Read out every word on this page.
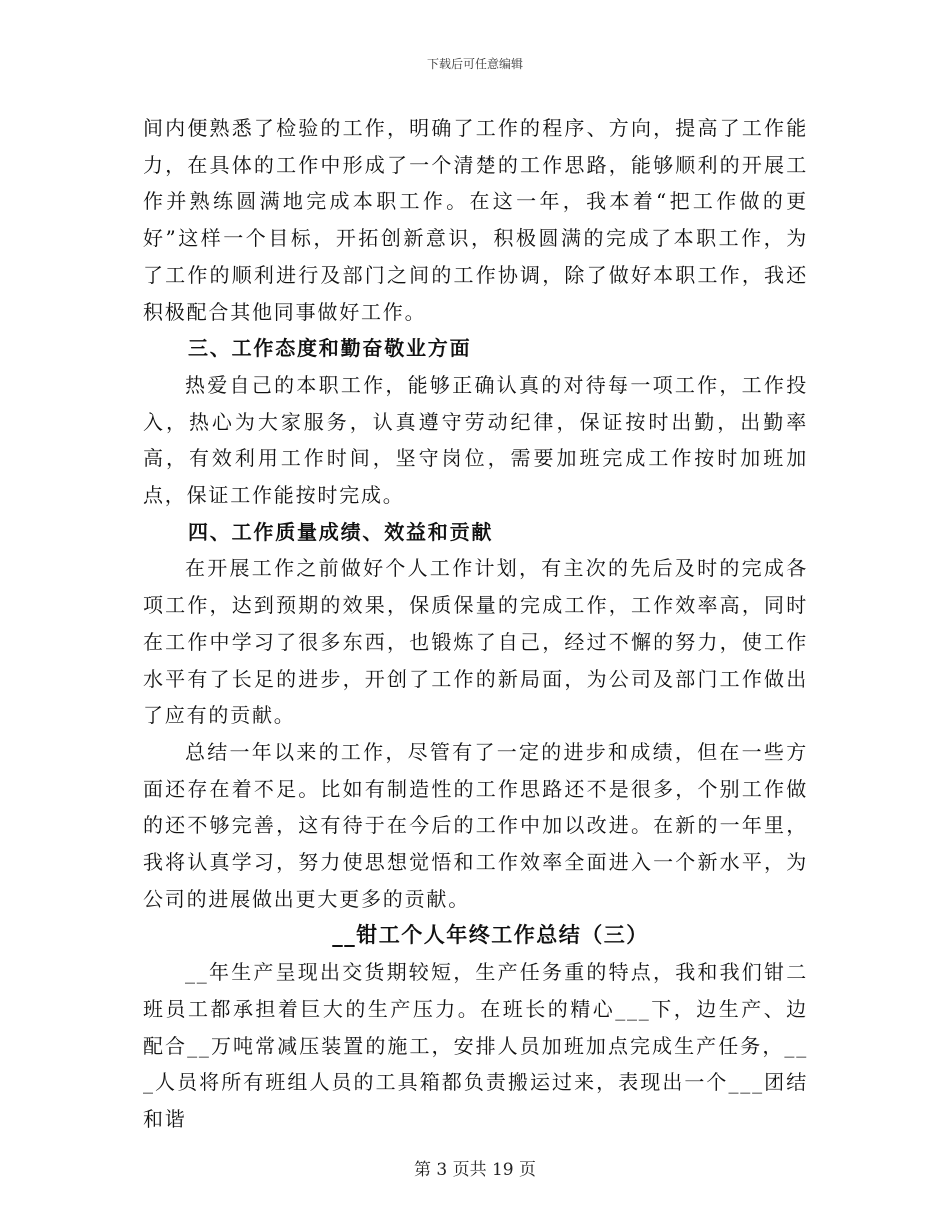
下载后可任意编辑

间内便熟悉了检验的工作，明确了工作的程序、方向，提高了工作能力，在具体的工作中形成了一个清楚的工作思路，能够顺利的开展工作并熟练圆满地完成本职工作。在这一年，我本着“把工作做的更好”这样一个目标，开拓创新意识，积极圆满的完成了本职工作，为了工作的顺利进行及部门之间的工作协调，除了做好本职工作，我还积极配合其他同事做好工作。

三、工作态度和勤奋敬业方面

热爱自己的本职工作，能够正确认真的对待每一项工作，工作投入，热心为大家服务，认真遵守劳动纪律，保证按时出勤，出勤率高，有效利用工作时间，坚守岗位，需要加班完成工作按时加班加点，保证工作能按时完成。

四、工作质量成绩、效益和贡献

在开展工作之前做好个人工作计划，有主次的先后及时的完成各项工作，达到预期的效果，保质保量的完成工作，工作效率高，同时在工作中学习了很多东西，也锻炼了自己，经过不懈的努力，使工作水平有了长足的进步，开创了工作的新局面，为公司及部门工作做出了应有的贡献。

总结一年以来的工作，尽管有了一定的进步和成绩，但在一些方面还存在着不足。比如有制造性的工作思路还不是很多，个别工作做的还不够完善，这有待于在今后的工作中加以改进。在新的一年里，我将认真学习，努力使思想觉悟和工作效率全面进入一个新水平，为公司的进展做出更大更多的贡献。

__钳工个人年终工作总结（三）

__年生产呈现出交货期较短，生产任务重的特点，我和我们钳二班员工都承担着巨大的生产压力。在班长的精心___下，边生产、边配合__万吨常减压装置的施工，安排人员加班加点完成生产任务，___人员将所有班组人员的工具箱都负责搬运过来，表现出一个___团结和谐

第 3 页共 19 页
